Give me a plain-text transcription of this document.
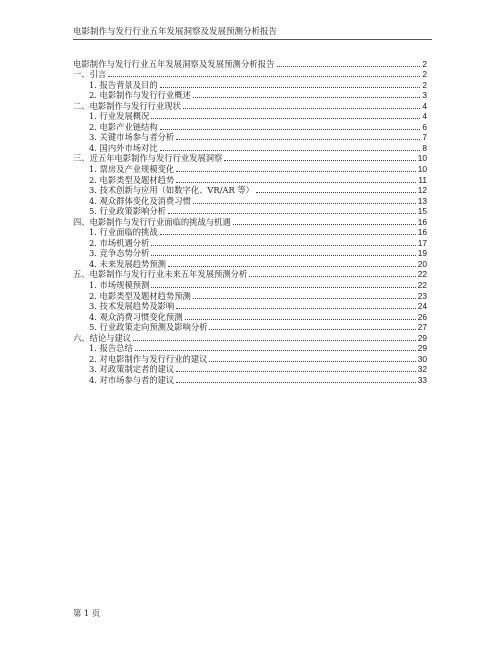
电影制作与发行行业五年发展洞察及发展预测分析报告
电影制作与发行行业五年发展洞察及发展预测分析报告	2
一、引言	2
1. 报告背景及目的	2
2. 电影制作与发行行业概述	3
二、电影制作与发行行业现状	4
1. 行业发展概况	4
2. 电影产业链结构	6
3. 关键市场参与者分析	7
4. 国内外市场对比	8
三、近五年电影制作与发行行业发展洞察	10
1. 票房及产业规模变化	10
2. 电影类型及题材趋势	11
3. 技术创新与应用（如数字化、VR/AR 等）	12
4. 观众群体变化及消费习惯	13
5. 行业政策影响分析	15
四、电影制作与发行行业面临的挑战与机遇	16
1. 行业面临的挑战	16
2. 市场机遇分析	17
3. 竞争态势分析	19
4. 未来发展趋势预测	20
五、电影制作与发行行业未来五年发展预测分析	22
1. 市场规模预测	22
2. 电影类型及题材趋势预测	23
3. 技术发展趋势及影响	24
4. 观众消费习惯变化预测	26
5. 行业政策走向预测及影响分析	27
六、结论与建议	29
1. 报告总结	29
2. 对电影制作与发行行业的建议	30
3. 对政策制定者的建议	32
4. 对市场参与者的建议	33
第 1 页
